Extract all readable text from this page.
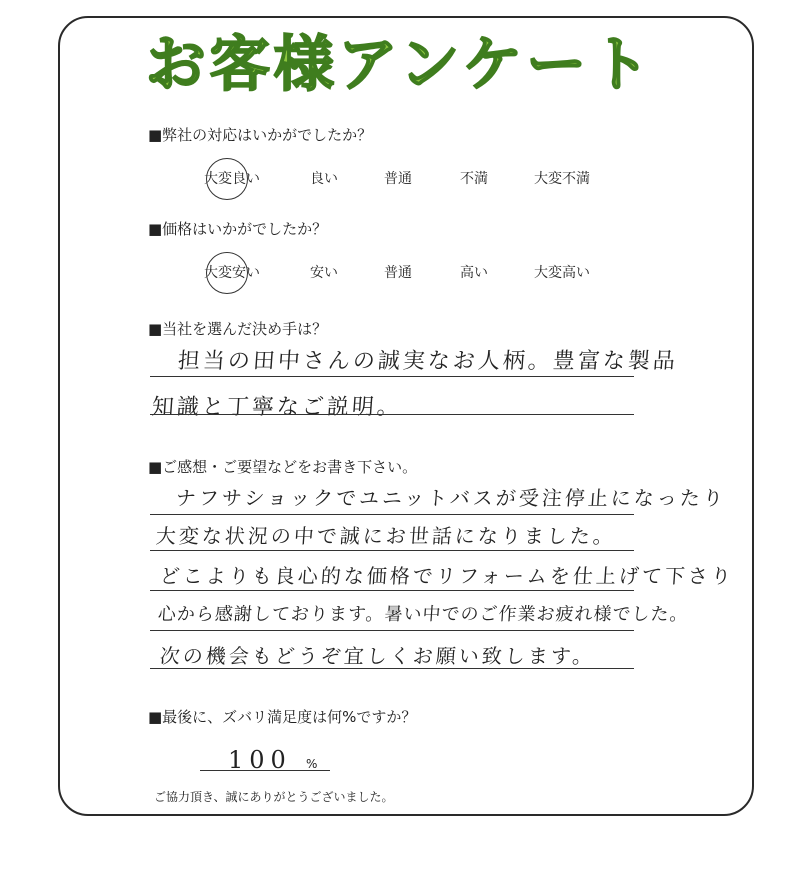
お客様アンケート
■弊社の対応はいかがでしたか？
大変良い	良い	普通	不満	大変不満
■価格はいかがでしたか？
大変安い	安い	普通	高い	大変高い
■当社を選んだ決め手は？
担当の田中さんの誠実なお人柄。豊富な製品
知識と丁寧なご説明。
■ご感想・ご要望などをお書き下さい。
ナフサショックでユニットバスが受注停止になったり
大変な状況の中で誠にお世話になりました。
どこよりも良心的な価格でリフォームを仕上げて下さり
心から感謝しております。暑い中でのご作業お疲れ様でした。
次の機会もどうぞ宜しくお願い致します。
■最後に、ズバリ満足度は何%ですか？
100 %
ご協力頂き、誠にありがとうございました。
